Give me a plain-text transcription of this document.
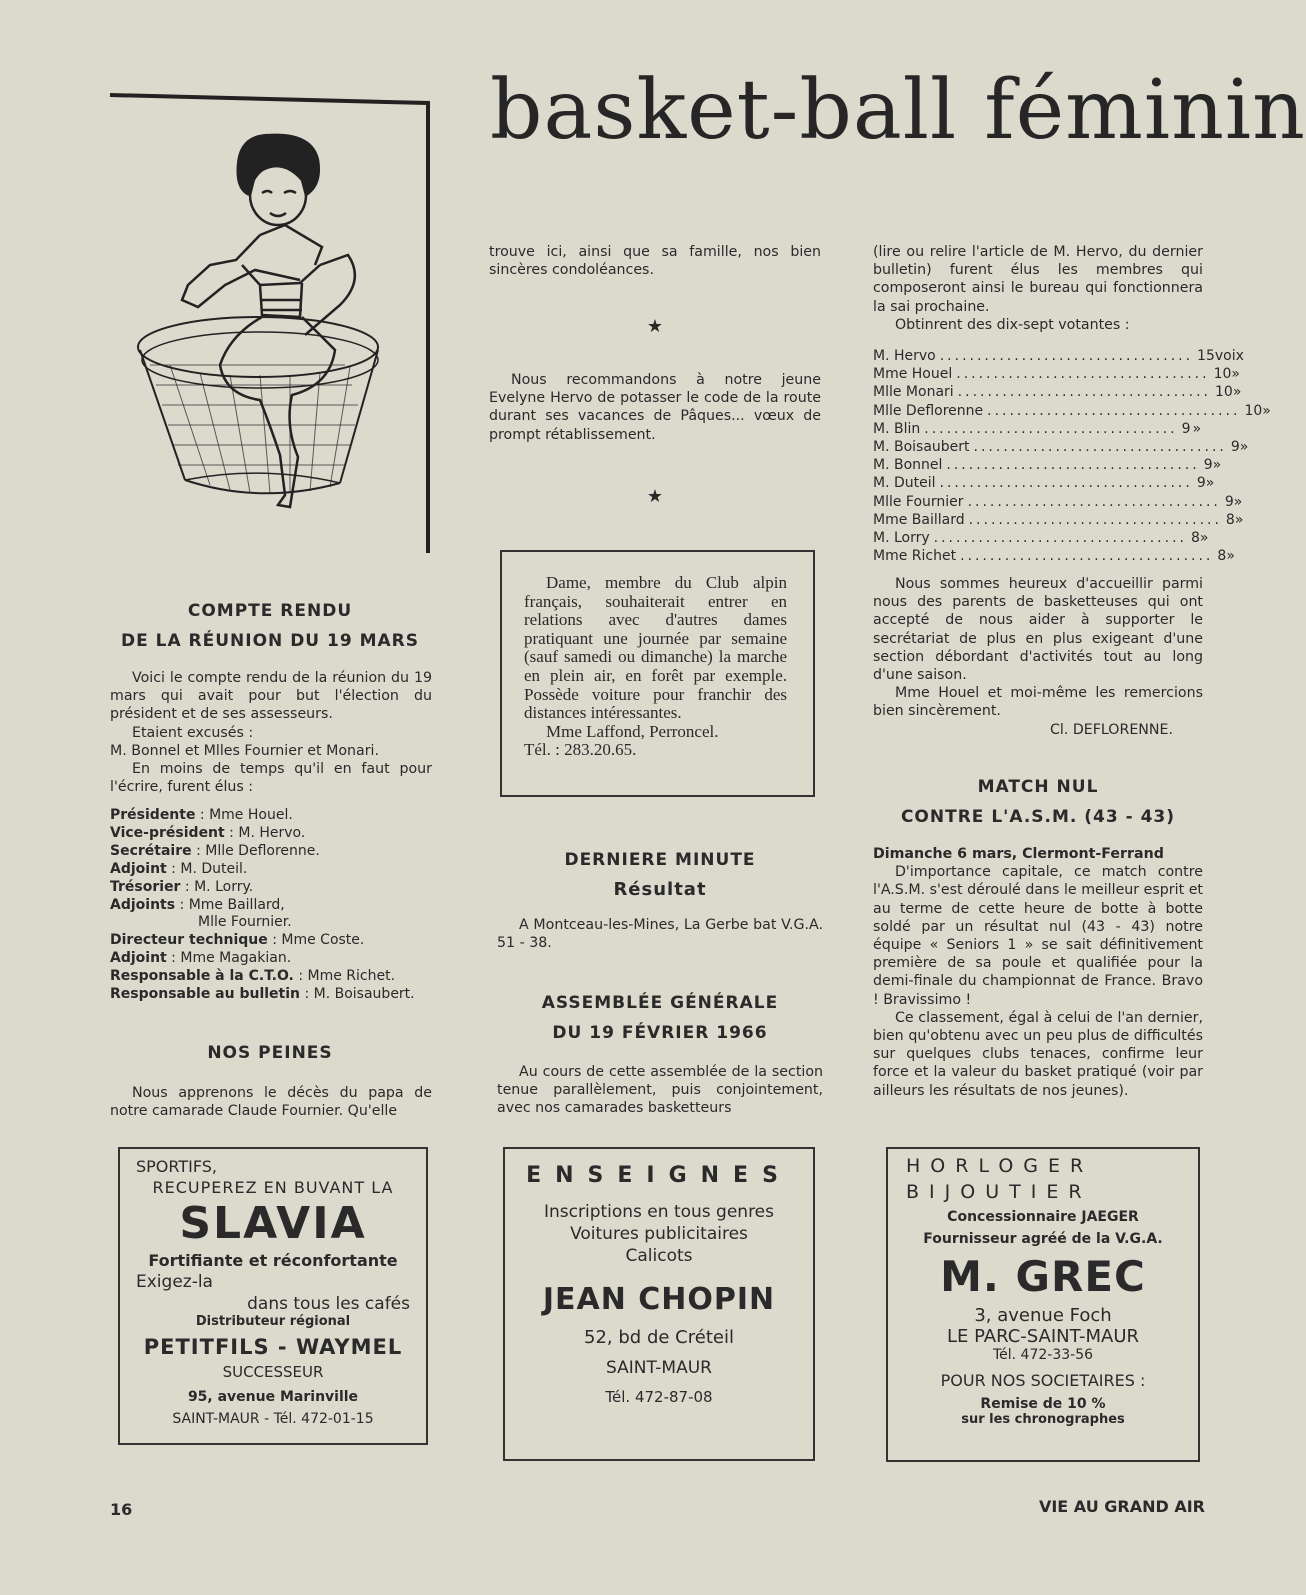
basket-ball féminin
COMPTE RENDU
DE LA RÉUNION DU 19 MARS

Voici le compte rendu de la réunion du 19 mars qui avait pour but l'élection du président et de ses assesseurs.

Etaient excusés :

M. Bonnel et Mlles Fournier et Monari.

En moins de temps qu'il en faut pour l'écrire, furent élus :

Présidente : Mme Houel.
Vice-président : M. Hervo.
Secrétaire : Mlle Deflorenne.
Adjoint : M. Duteil.
Trésorier : M. Lorry.
Adjoints : Mme Baillard,
Mlle Fournier.
Directeur technique : Mme Coste.
Adjoint : Mme Magakian.
Responsable à la C.T.O. : Mme Richet.
Responsable au bulletin : M. Boisaubert.
NOS PEINES

Nous apprenons le décès du papa de notre camarade Claude Fournier. Qu'elle

trouve ici, ainsi que sa famille, nos bien sincères condoléances.

★

Nous recommandons à notre jeune Evelyne Hervo de potasser le code de la route durant ses vacances de Pâques... vœux de prompt rétablissement.

★

Dame, membre du Club alpin français, souhaiterait entrer en relations avec d'autres dames pratiquant une journée par semaine (sauf samedi ou dimanche) la marche en plein air, en forêt par exemple. Possède voiture pour franchir des distances intéressantes.

Mme Laffond, Perroncel.

Tél. : 283.20.65.

DERNIERE MINUTE
Résultat

A Montceau-les-Mines, La Gerbe bat V.G.A. 51 - 38.

ASSEMBLÉE GÉNÉRALE
DU 19 FÉVRIER 1966

Au cours de cette assemblée de la section tenue parallèlement, puis conjointement, avec nos camarades basketteurs

(lire ou relire l'article de M. Hervo, du dernier bulletin) furent élus les membres qui composeront ainsi le bureau qui fonctionnera la sai prochaine.

Obtinrent des dix-sept votantes :

M. Hervo .................................. 15 voix
Mme Houel .................................. 10 »
Mlle Monari .................................. 10 »
Mlle Deflorenne .................................. 10 »
M. Blin .................................. 9 »
M. Boisaubert .................................. 9 »
M. Bonnel .................................. 9 »
M. Duteil .................................. 9 »
Mlle Fournier .................................. 9 »
Mme Baillard .................................. 8 »
M. Lorry .................................. 8 »
Mme Richet .................................. 8 »

Nous sommes heureux d'accueillir parmi nous des parents de basketteuses qui ont accepté de nous aider à supporter le secrétariat de plus en plus exigeant d'une section débordant d'activités tout au long d'une saison.

Mme Houel et moi-même les remercions bien sincèrement.

Cl. DEFLORENNE.

MATCH NUL
CONTRE L'A.S.M. (43 - 43)

Dimanche 6 mars, Clermont-Ferrand

D'importance capitale, ce match contre l'A.S.M. s'est déroulé dans le meilleur esprit et au terme de cette heure de botte à botte soldé par un résultat nul (43 - 43) notre équipe « Seniors 1 » se sait définitivement première de sa poule et qualifiée pour la demi-finale du championnat de France. Bravo ! Bravissimo !

Ce classement, égal à celui de l'an dernier, bien qu'obtenu avec un peu plus de difficultés sur quelques clubs tenaces, confirme leur force et la valeur du basket pratiqué (voir par ailleurs les résultats de nos jeunes).

SPORTIFS,
RECUPEREZ EN BUVANT LA
SLAVIA
Fortifiante et réconfortante
Exigez-la
dans tous les cafés
Distributeur régional
PETITFILS - WAYMEL
SUCCESSEUR
95, avenue Marinville
SAINT-MAUR - Tél. 472-01-15
ENSEIGNES
Inscriptions en tous genres
Voitures publicitaires
Calicots
JEAN CHOPIN
52, bd de Créteil
SAINT-MAUR
Tél. 472-87-08
HORLOGER
BIJOUTIER
Concessionnaire JAEGER
Fournisseur agréé de la V.G.A.
M. GREC
3, avenue Foch
LE PARC-SAINT-MAUR
Tél. 472-33-56
POUR NOS SOCIETAIRES :
Remise de 10 %
sur les chronographes
16	VIE AU GRAND AIR
